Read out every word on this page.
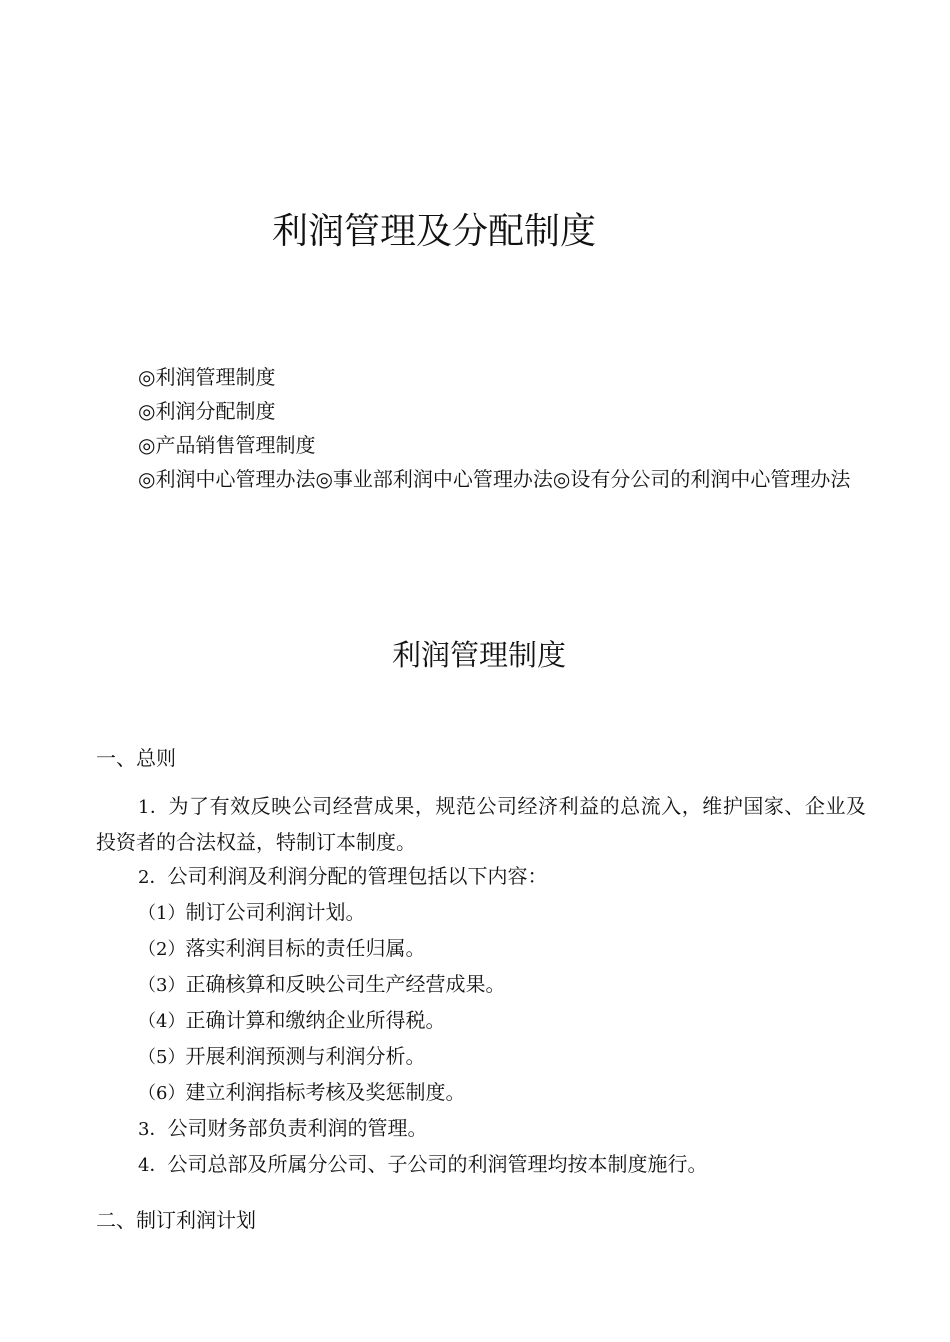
利润管理及分配制度
◎利润管理制度
◎利润分配制度
◎产品销售管理制度
◎利润中心管理办法◎事业部利润中心管理办法◎设有分公司的利润中心管理办法
利润管理制度
一、总则
1．为了有效反映公司经营成果，规范公司经济利益的总流入，维护国家、企业及投资者的合法权益，特制订本制度。
2．公司利润及利润分配的管理包括以下内容：
（1）制订公司利润计划。
（2）落实利润目标的责任归属。
（3）正确核算和反映公司生产经营成果。
（4）正确计算和缴纳企业所得税。
（5）开展利润预测与利润分析。
（6）建立利润指标考核及奖惩制度。
3．公司财务部负责利润的管理。
4．公司总部及所属分公司、子公司的利润管理均按本制度施行。
二、制订利润计划
